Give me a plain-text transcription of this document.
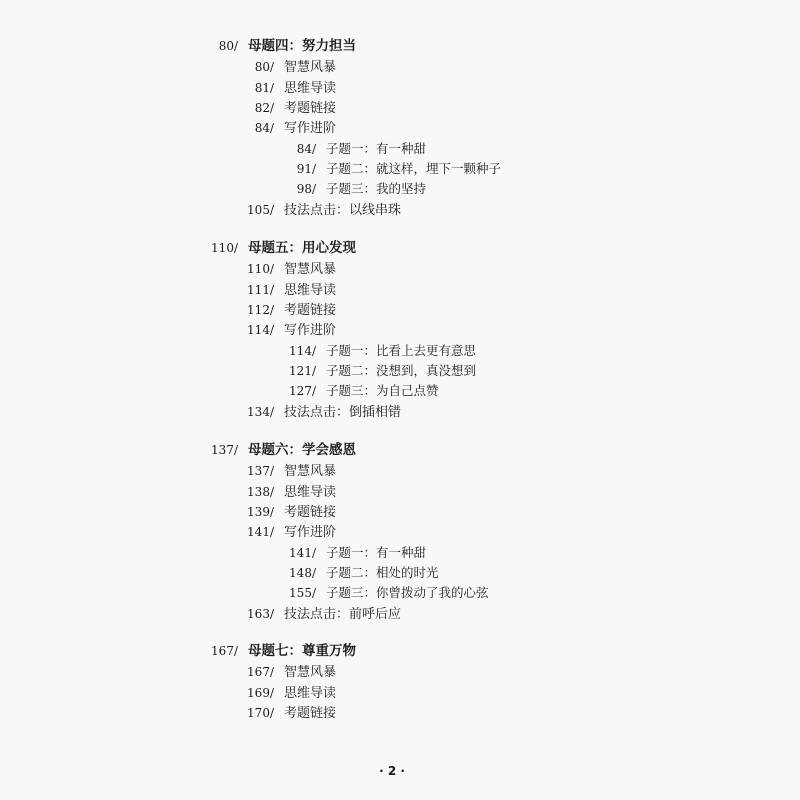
80/ 母题四：努力担当
80/ 智慧风暴
81/ 思维导读
82/ 考题链接
84/ 写作进阶
84/ 子题一：有一种甜
91/ 子题二：就这样，埋下一颗种子
98/ 子题三：我的坚持
105/ 技法点击：以线串珠
110/ 母题五：用心发现
110/ 智慧风暴
111/ 思维导读
112/ 考题链接
114/ 写作进阶
114/ 子题一：比看上去更有意思
121/ 子题二：没想到，真没想到
127/ 子题三：为自己点赞
134/ 技法点击：倒插相错
137/ 母题六：学会感恩
137/ 智慧风暴
138/ 思维导读
139/ 考题链接
141/ 写作进阶
141/ 子题一：有一种甜
148/ 子题二：相处的时光
155/ 子题三：你曾拨动了我的心弦
163/ 技法点击：前呼后应
167/ 母题七：尊重万物
167/ 智慧风暴
169/ 思维导读
170/ 考题链接
· 2 ·
